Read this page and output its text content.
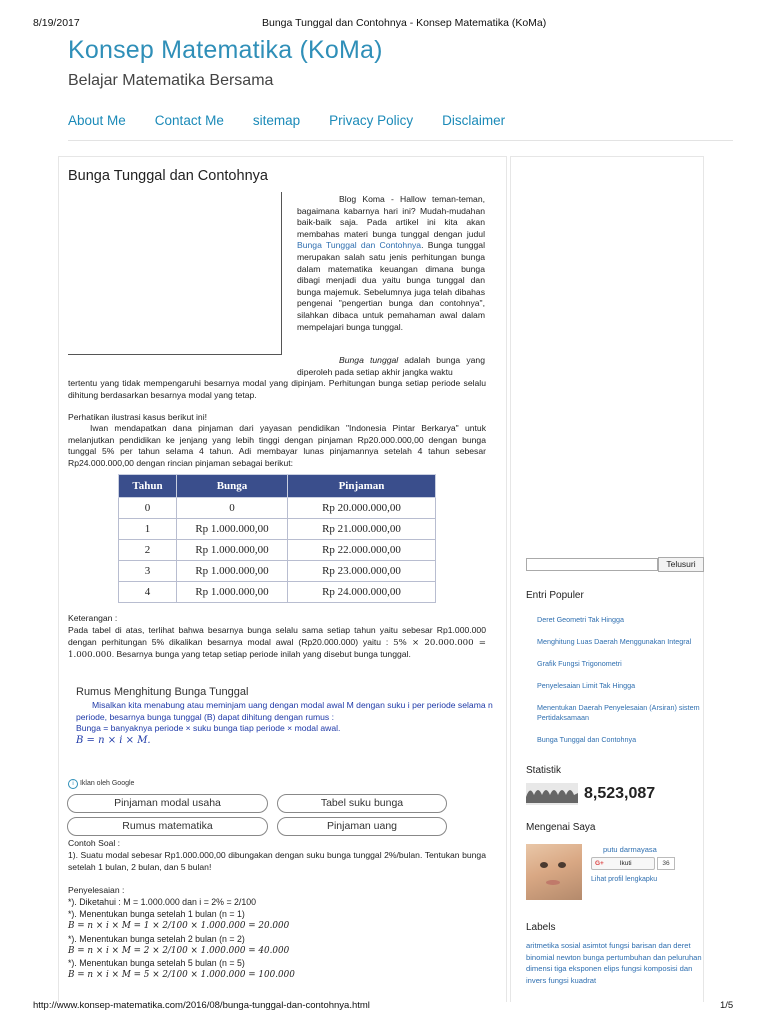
8/19/2017	Bunga Tunggal dan Contohnya - Konsep Matematika (KoMa)
Konsep Matematika (KoMa)
Belajar Matematika Bersama
About Me Contact Me sitemap Privacy Policy Disclaimer
Bunga Tunggal dan Contohnya
Blog Koma - Hallow teman-teman, bagaimana kabarnya hari ini? Mudah-mudahan baik-baik saja. Pada artikel ini kita akan membahas materi bunga tunggal dengan judul Bunga Tunggal dan Contohnya. Bunga tunggal merupakan salah satu jenis perhitungan bunga dalam matematika keuangan dimana bunga dibagi menjadi dua yaitu bunga tunggal dan bunga majemuk. Sebelumnya juga telah dibahas pengenai "pengertian bunga dan contohnya", silahkan dibaca untuk pemahaman awal dalam mempelajari bunga tunggal.
Bunga tunggal adalah bunga yang diperoleh pada setiap akhir jangka waktu
tertentu yang tidak mempengaruhi besarnya modal yang dipinjam. Perhitungan bunga setiap periode selalu dihitung berdasarkan besarnya modal yang tetap.
Perhatikan ilustrasi kasus berikut ini!
Iwan mendapatkan dana pinjaman dari yayasan pendidikan "Indonesia Pintar Berkarya" untuk melanjutkan pendidikan ke jenjang yang lebih tinggi dengan pinjaman Rp20.000.000,00 dengan bunga tunggal 5% per tahun selama 4 tahun. Adi membayar lunas pinjamannya setelah 4 tahun sebesar Rp24.000.000,00 dengan rincian pinjaman sebagai berikut:
Tahun	Bunga	Pinjaman
0	0	Rp 20.000.000,00
1	Rp 1.000.000,00	Rp 21.000.000,00
2	Rp 1.000.000,00	Rp 22.000.000,00
3	Rp 1.000.000,00	Rp 23.000.000,00
4	Rp 1.000.000,00	Rp 24.000.000,00
Keterangan :
Pada tabel di atas, terlihat bahwa besarnya bunga selalu sama setiap tahun yaitu sebesar Rp1.000.000 dengan perhitungan 5% dikalikan besarnya modal awal (Rp20.000.000) yaitu : 5% × 20.000.000 = 1.000.000. Besarnya bunga yang tetap setiap periode inilah yang disebut bunga tunggal.
Rumus Menghitung Bunga Tunggal
Misalkan kita menabung atau meminjam uang dengan modal awal M dengan suku i per periode selama n periode, besarnya bunga tunggal (B) dapat dihitung dengan rumus :
Bunga = banyaknya periode × suku bunga tiap periode × modal awal.
B = n × i × M.
i Iklan oleh Google
Pinjaman modal usaha	Tabel suku bunga
Rumus matematika	Pinjaman uang
Contoh Soal :
1). Suatu modal sebesar Rp1.000.000,00 dibungakan dengan suku bunga tunggal 2%/bulan. Tentukan bunga setelah 1 bulan, 2 bulan, dan 5 bulan!
Penyelesaian :
*). Diketahui : M = 1.000.000 dan i = 2% = 2/100
*). Menentukan bunga setelah 1 bulan (n = 1)
B = n × i × M = 1 × 2/100 × 1.000.000 = 20.000
*). Menentukan bunga setelah 2 bulan (n = 2)
B = n × i × M = 2 × 2/100 × 1.000.000 = 40.000
*). Menentukan bunga setelah 5 bulan (n = 5)
B = n × i × M = 5 × 2/100 × 1.000.000 = 100.000
Telusuri
Entri Populer
Deret Geometri Tak Hingga
Menghitung Luas Daerah Menggunakan Integral
Grafik Fungsi Trigonometri
Penyelesaian Limit Tak Hingga
Menentukan Daerah Penyelesaian (Arsiran) sistem Pertidaksamaan
Bunga Tunggal dan Contohnya
Statistik
8,523,087
Mengenai Saya
putu darmayasa
G+ Ikuti	36
Lihat profil lengkapku
Labels
aritmetika sosial asimtot fungsi barisan dan deret binomial newton bunga pertumbuhan dan peluruhan dimensi tiga eksponen elips fungsi komposisi dan invers fungsi kuadrat
http://www.konsep-matematika.com/2016/08/bunga-tunggal-dan-contohnya.html	1/5
